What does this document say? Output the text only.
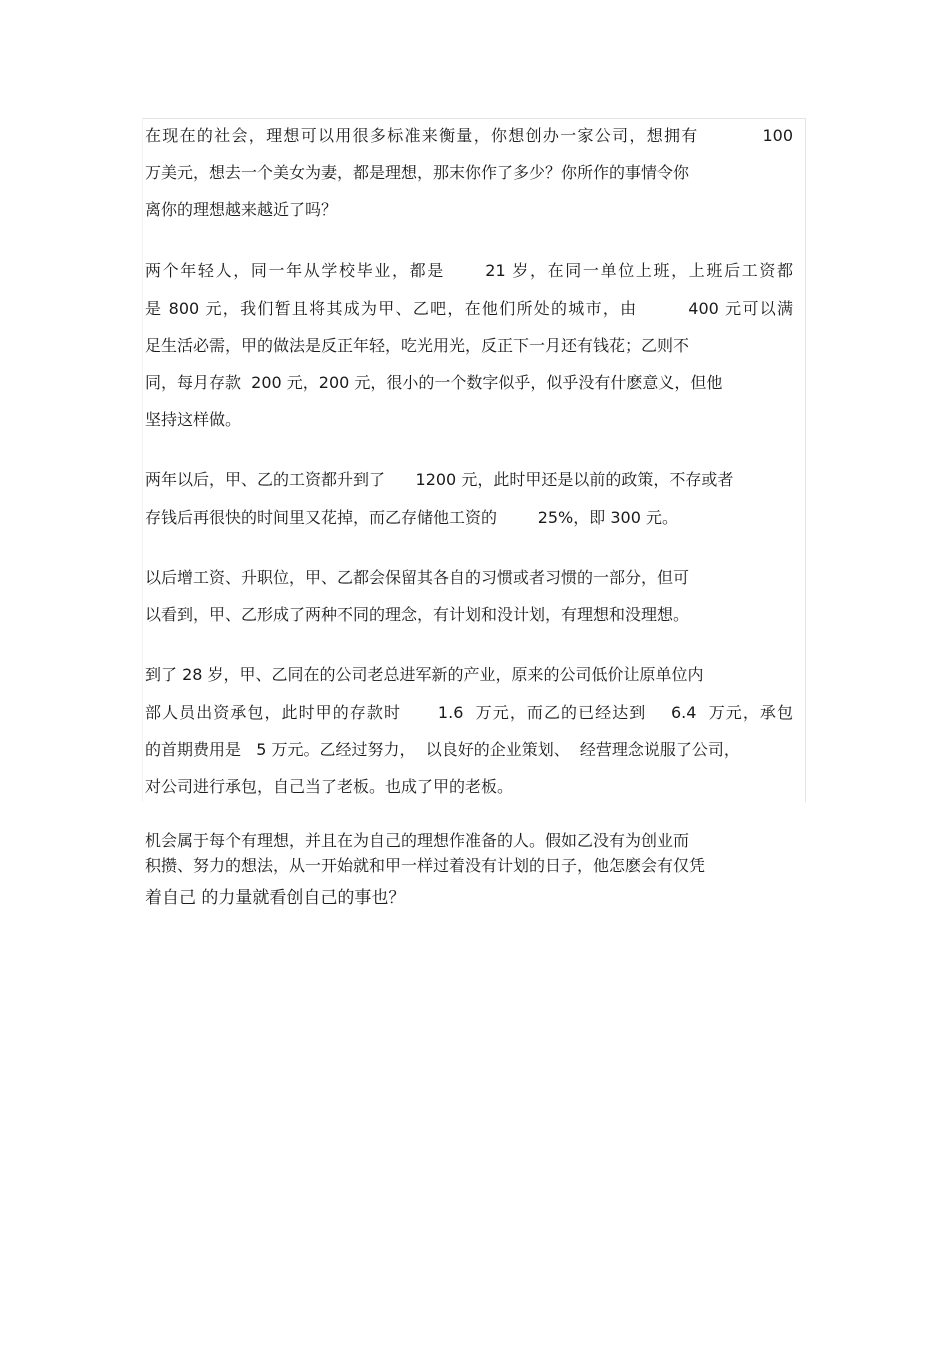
在现在的社会，理想可以用很多标准来衡量，你想创办一家公司，想拥有          100

万美元，想去一个美女为妻，都是理想，那末你作了多少？你所作的事情令你

离你的理想越来越近了吗？

两个年轻人，同一年从学校毕业，都是      21 岁，在同一单位上班，上班后工资都

是 800 元，我们暂且将其成为甲、乙吧，在他们所处的城市，由        400 元可以满

足生活必需，甲的做法是反正年轻，吃光用光，反正下一月还有钱花；乙则不

同，每月存款  200 元，200 元，很小的一个数字似乎，似乎没有什麽意义，但他

坚持这样做。

两年以后，甲、乙的工资都升到了      1200 元，此时甲还是以前的政策，不存或者

存钱后再很快的时间里又花掉，而乙存储他工资的        25%，即 300 元。

以后增工资、升职位，甲、乙都会保留其各自的习惯或者习惯的一部分，但可

以看到，甲、乙形成了两种不同的理念，有计划和没计划，有理想和没理想。

到了 28 岁，甲、乙同在的公司老总进军新的产业，原来的公司低价让原单位内

部人员出资承包，此时甲的存款时      1.6  万元，而乙的已经达到    6.4  万元，承包

的首期费用是   5 万元。乙经过努力，  以良好的企业策划、  经营理念说服了公司，

对公司进行承包，自己当了老板。也成了甲的老板。

机会属于每个有理想，并且在为自己的理想作准备的人。假如乙没有为创业而

积攒、努力的想法，从一开始就和甲一样过着没有计划的日子，他怎麽会有仅凭

着自己 的力量就看创自己的事也？
